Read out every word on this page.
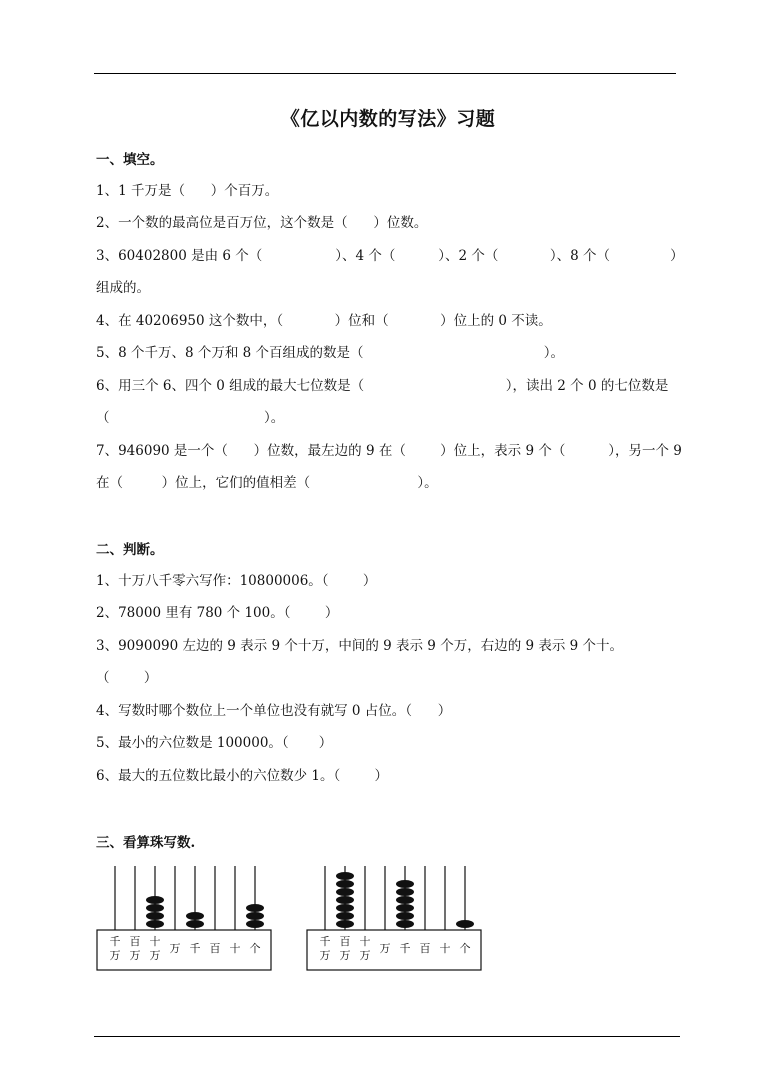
《亿以内数的写法》习题
一、填空。
1、1 千万是（      ）个百万。
2、一个数的最高位是百万位，这个数是（      ）位数。
3、60402800 是由 6 个（                 ）、4 个（          ）、2 个（            ）、8 个（              ）
组成的。
4、在 40206950 这个数中，（            ）位和（            ）位上的 0 不读。
5、8 个千万、8 个万和 8 个百组成的数是（                                          ）。
6、用三个 6、四个 0 组成的最大七位数是（                                 ），读出 2 个 0 的七位数是
（                                    ）。
7、946090 是一个（      ）位数，最左边的 9 在（        ）位上，表示 9 个（          ），另一个 9
在（         ）位上，它们的值相差（                         ）。
二、判断。
1、十万八千零六写作：10800006。（        ）
2、78000 里有 780 个 100。（        ）
3、9090090 左边的 9 表示 9 个十万，中间的 9 表示 9 个万，右边的 9 表示 9 个十。
（        ）
4、写数时哪个数位上一个单位也没有就写 0 占位。（      ）
5、最小的六位数是 100000。（       ）
6、最大的五位数比最小的六位数少 1。（        ）
三、看算珠写数.
千
万
百
万
十
万
万 千 百 十 个
千
万
百
万
十
万
万 千 百 十 个
